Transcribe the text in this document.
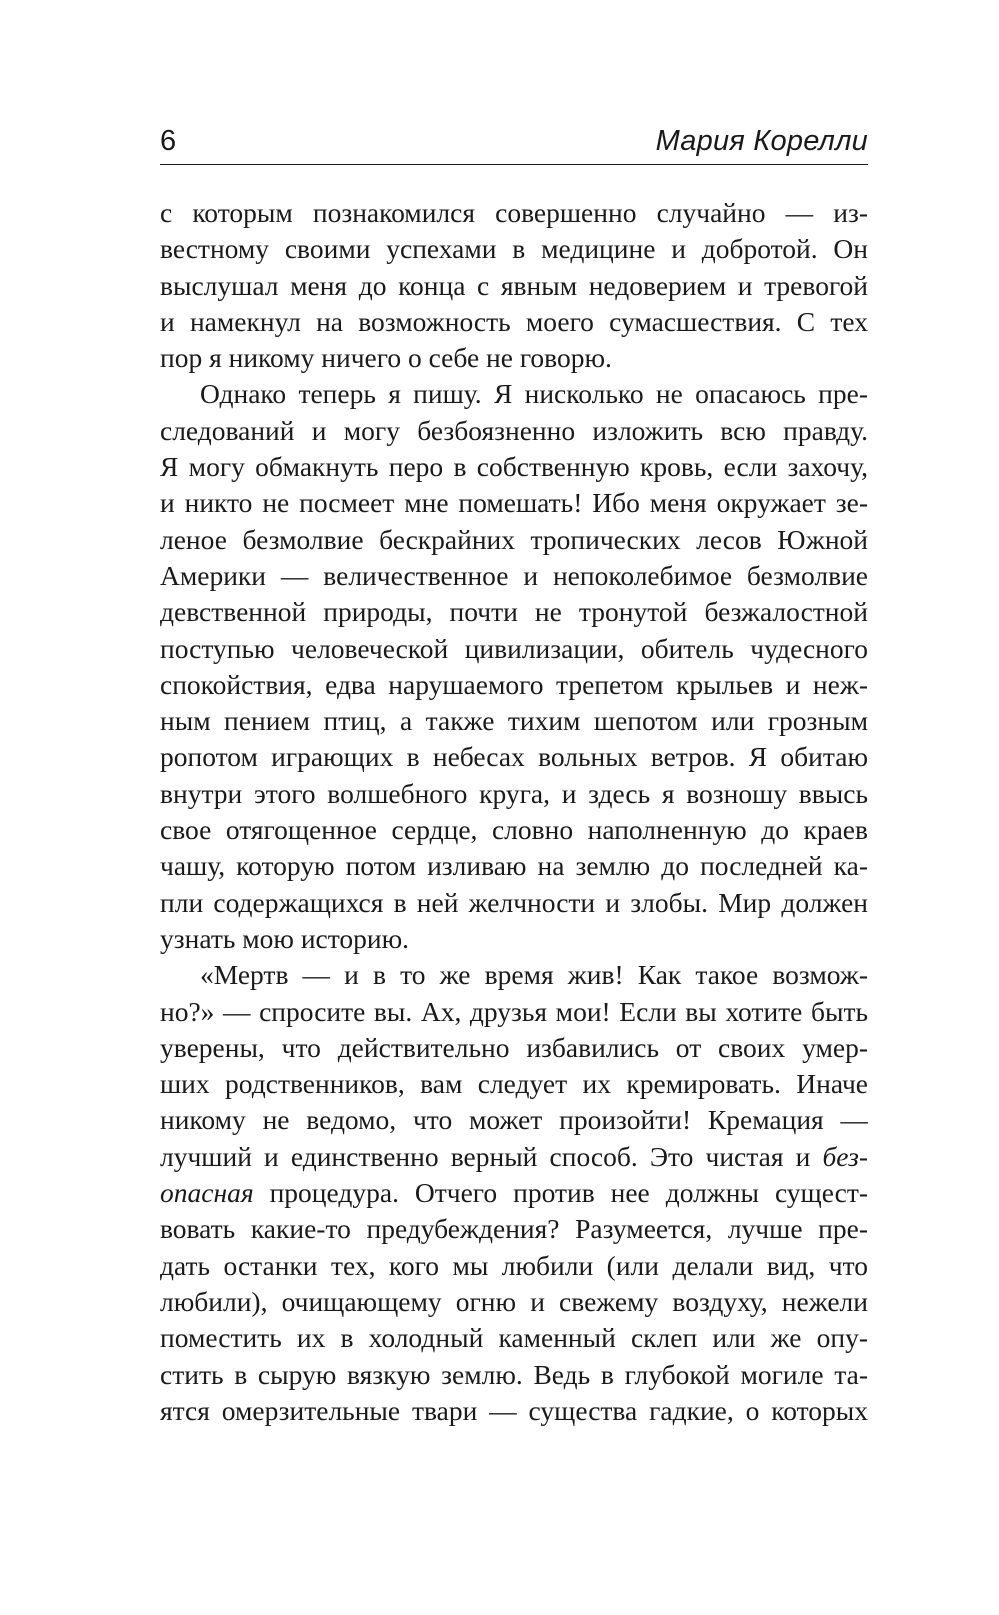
6	Мария Корелли
с которым познакомился совершенно случайно — из-
вестному своими успехами в медицине и добротой. Он
выслушал меня до конца с явным недоверием и тревогой
и намекнул на возможность моего сумасшествия. С тех
пор я никому ничего о себе не говорю.
Однако теперь я пишу. Я нисколько не опасаюсь пре-
следований и могу безбоязненно изложить всю правду.
Я могу обмакнуть перо в собственную кровь, если захочу,
и никто не посмеет мне помешать! Ибо меня окружает зе-
леное безмолвие бескрайних тропических лесов Южной
Америки — величественное и непоколебимое безмолвие
девственной природы, почти не тронутой безжалостной
поступью человеческой цивилизации, обитель чудесного
спокойствия, едва нарушаемого трепетом крыльев и неж-
ным пением птиц, а также тихим шепотом или грозным
ропотом играющих в небесах вольных ветров. Я обитаю
внутри этого волшебного круга, и здесь я возношу ввысь
свое отягощенное сердце, словно наполненную до краев
чашу, которую потом изливаю на землю до последней ка-
пли содержащихся в ней желчности и злобы. Мир должен
узнать мою историю.
«Мертв — и в то же время жив! Как такое возмож-
но?» — спросите вы. Ах, друзья мои! Если вы хотите быть
уверены, что действительно избавились от своих умер-
ших родственников, вам следует их кремировать. Иначе
никому не ведомо, что может произойти! Кремация —
лучший и единственно верный способ. Это чистая и без-
опасная процедура. Отчего против нее должны сущест-
вовать какие-то предубеждения? Разумеется, лучше пре-
дать останки тех, кого мы любили (или делали вид, что
любили), очищающему огню и свежему воздуху, нежели
поместить их в холодный каменный склеп или же опу-
стить в сырую вязкую землю. Ведь в глубокой могиле та-
ятся омерзительные твари — существа гадкие, о которых
